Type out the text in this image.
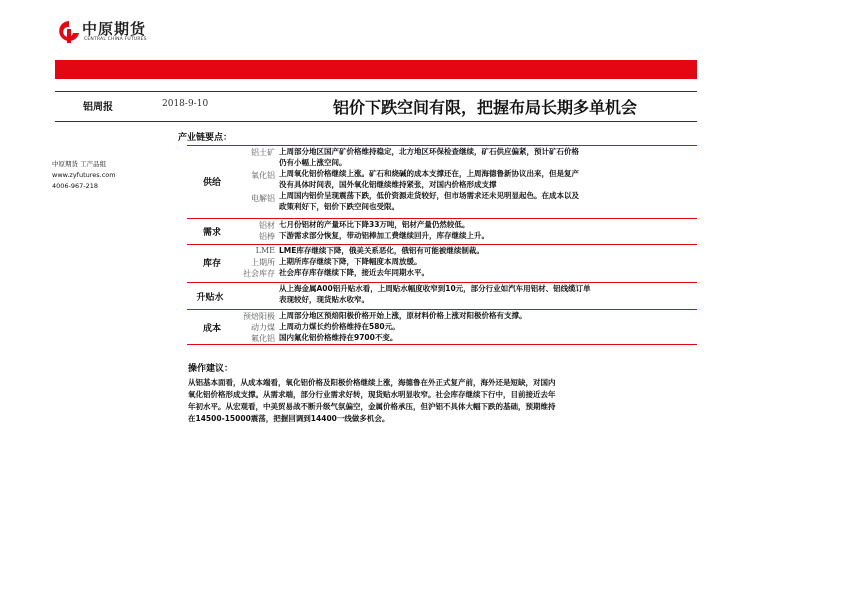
中原期货
CENTRAL CHINA FUTURES
铝周报	2018-9-10	铝价下跌空间有限，把握布局长期多单机会
中原期货 工产品组
www.zyfutures.com
4006-967-218
产业链要点：
供给
铝土矿
氧化铝
电解铝
上周部分地区国产矿价格维持稳定，北方地区环保检查继续，矿石供应偏紧，预计矿石价格
仍有小幅上涨空间。
上周氧化铝价格继续上涨。矿石和烧碱的成本支撑还在，上周海德鲁新协议出来，但是复产
没有具体时间表，国外氧化铝继续维持紧张，对国内价格形成支撑
上周国内铝价呈现震荡下跌，低价资源走货较好，但市场需求还未见明显起色。在成本以及
政策利好下，铝价下跌空间也受限。
需求
铝材
铝棒
七月份铝材的产量环比下降33万吨，铝材产量仍然较低。
下游需求部分恢复，带动铝棒加工费继续回升，库存继续上升。
库存
LME
上期所
社会库存
LME库存继续下降，俄美关系恶化，俄铝有可能被继续制裁。
上期所库存继续下降，下降幅度本周放缓。
社会库存库存继续下降，接近去年同期水平。
升贴水
从上海金属A00铝升贴水看，上周贴水幅度收窄到10元，部分行业如汽车用铝材、铝线缆订单
表现较好，现货贴水收窄。
成本
预焙阳极
动力煤
氟化铝
上周部分地区预焙阳极价格开始上涨，原材料价格上涨对阳极价格有支撑。
上周动力煤长约价格维持在580元。
国内氟化铝价格维持在9700不变。
操作建议：
从铝基本面看，从成本端看，氧化铝价格及阳极价格继续上涨，海德鲁在外正式复产前，海外还是短缺，对国内
氧化铝价格形成支撑。从需求端，部分行业需求好转，现货贴水明显收窄。社会库存继续下行中，目前接近去年
年初水平。从宏观看，中美贸易战不断升级气氛偏空，金属价格承压，但沪铝不具体大幅下跌的基础，预期维持
在14500-15000震荡，把握回调到14400一线做多机会。
